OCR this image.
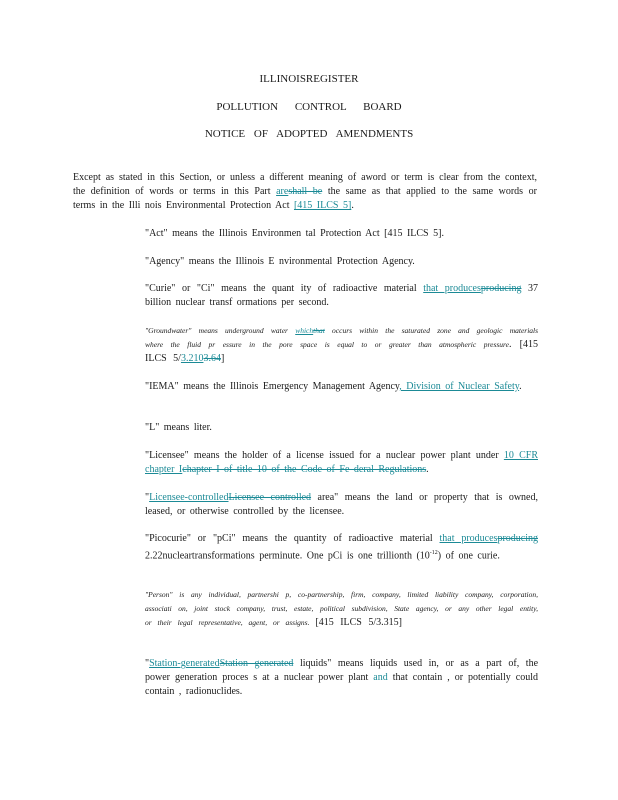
ILLINOISREGISTER
POLLUTION CONTROL BOARD
NOTICE OF ADOPTED AMENDMENTS
Except as stated in this Section, or unless a different meaning of aword or term is clear from the context, the definition of words or terms in this Part areshall be the same as that applied to the same words or terms in the Illi nois Environmental Protection Act [415 ILCS 5].
"Act" means the Illinois Environmen tal Protection Act [415 ILCS 5].
"Agency" means the Illinois E nvironmental Protection Agency.
"Curie" or "Ci" means the quant ity of radioactive material that producesproducing 37 billion nuclear transf ormations per second.
"Groundwater" means underground water whichthat occurs within the saturated zone and geologic materials where the fluid pr essure in the pore space is equal to or greater than atmospheric pressure. [415 ILCS 5/3.2103.64]
"IEMA" means the Illinois Emergency Management Agency, Division of Nuclear Safety.
"L" means liter.
"Licensee" means the holder of a license issued for a nuclear power plant under 10 CFR chapter Ichapter I of title 10 of the Code of Fe deral Regulations.
"Licensee-controlledLicensee controlled area" means the land or property that is owned, leased, or otherwise controlled by the licensee.
"Picocurie" or "pCi" means the quantity of radioactive material that producesproducing 2.22nucleartransformations perminute. One pCi is one trillionth $(10^{-12})$ of one curie.
"Person" is any individual, partnershi p, co-partnership, firm, company, limited liability company, corporation, associati on, joint stock company, trust, estate, political subdivision, State agency, or any other legal entity, or their legal representative, agent, or assigns. [415 ILCS 5/3.315]
"Station-generatedStation generated liquids" means liquids used in, or as a part of, the power generation proces s at a nuclear power plant and that contain , or potentially could contain , radionuclides.
